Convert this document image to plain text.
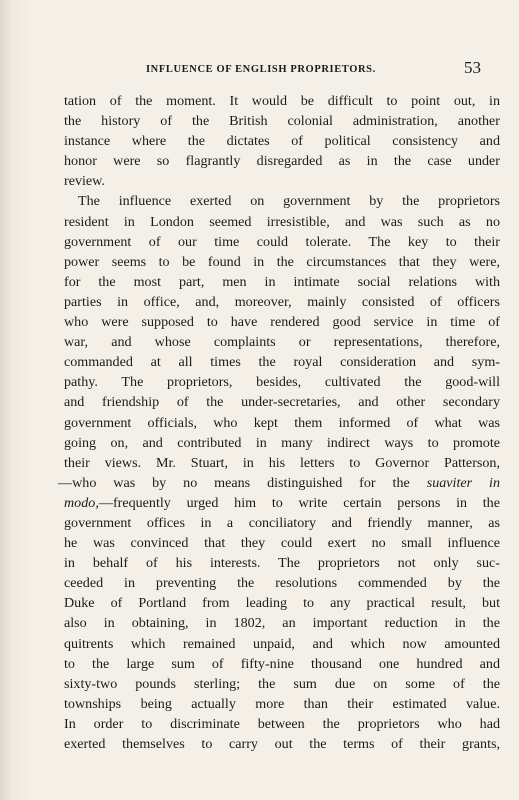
INFLUENCE OF ENGLISH PROPRIETORS.	53

tation of the moment. It would be difficult to point out, in
the history of the British colonial administration, another
instance where the dictates of political consistency and
honor were so flagrantly disregarded as in the case under
review.

The influence exerted on government by the proprietors
resident in London seemed irresistible, and was such as no
government of our time could tolerate. The key to their
power seems to be found in the circumstances that they were,
for the most part, men in intimate social relations with
parties in office, and, moreover, mainly consisted of officers
who were supposed to have rendered good service in time of
war, and whose complaints or representations, therefore,
commanded at all times the royal consideration and sym-
pathy. The proprietors, besides, cultivated the good-will
and friendship of the under-secretaries, and other secondary
government officials, who kept them informed of what was
going on, and contributed in many indirect ways to promote
their views. Mr. Stuart, in his letters to Governor Patterson,
—who was by no means distinguished for the suaviter in
modo,—frequently urged him to write certain persons in the
government offices in a conciliatory and friendly manner, as
he was convinced that they could exert no small influence
in behalf of his interests. The proprietors not only suc-
ceeded in preventing the resolutions commended by the
Duke of Portland from leading to any practical result, but
also in obtaining, in 1802, an important reduction in the
quitrents which remained unpaid, and which now amounted
to the large sum of fifty-nine thousand one hundred and
sixty-two pounds sterling; the sum due on some of the
townships being actually more than their estimated value.
In order to discriminate between the proprietors who had
exerted themselves to carry out the terms of their grants,
